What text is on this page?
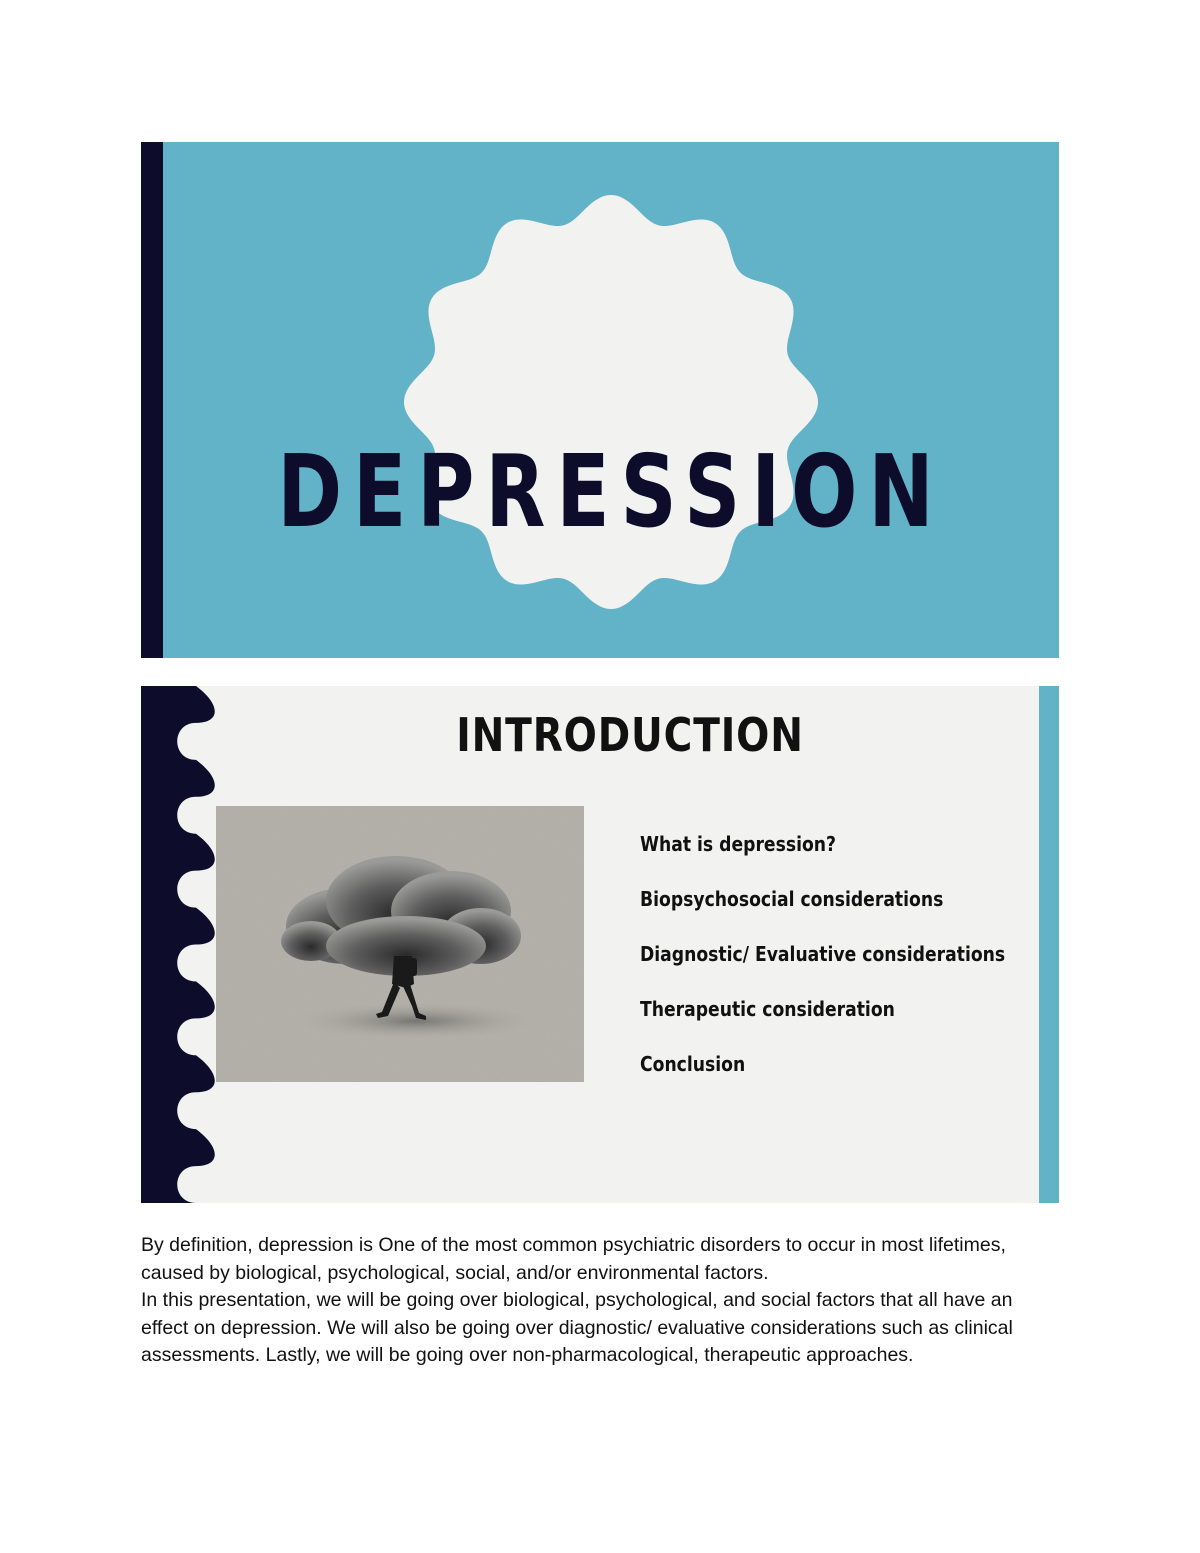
DEPRESSION
INTRODUCTION
What is depression?
Biopsychosocial considerations
Diagnostic/ Evaluative considerations
Therapeutic consideration
Conclusion

By definition, depression is One of the most common psychiatric disorders to occur in most lifetimes, caused by biological, psychological, social, and/or environmental factors.

In this presentation, we will be going over biological, psychological, and social factors that all have an effect on depression. We will also be going over diagnostic/ evaluative considerations such as clinical assessments. Lastly, we will be going over non-pharmacological, therapeutic approaches.
